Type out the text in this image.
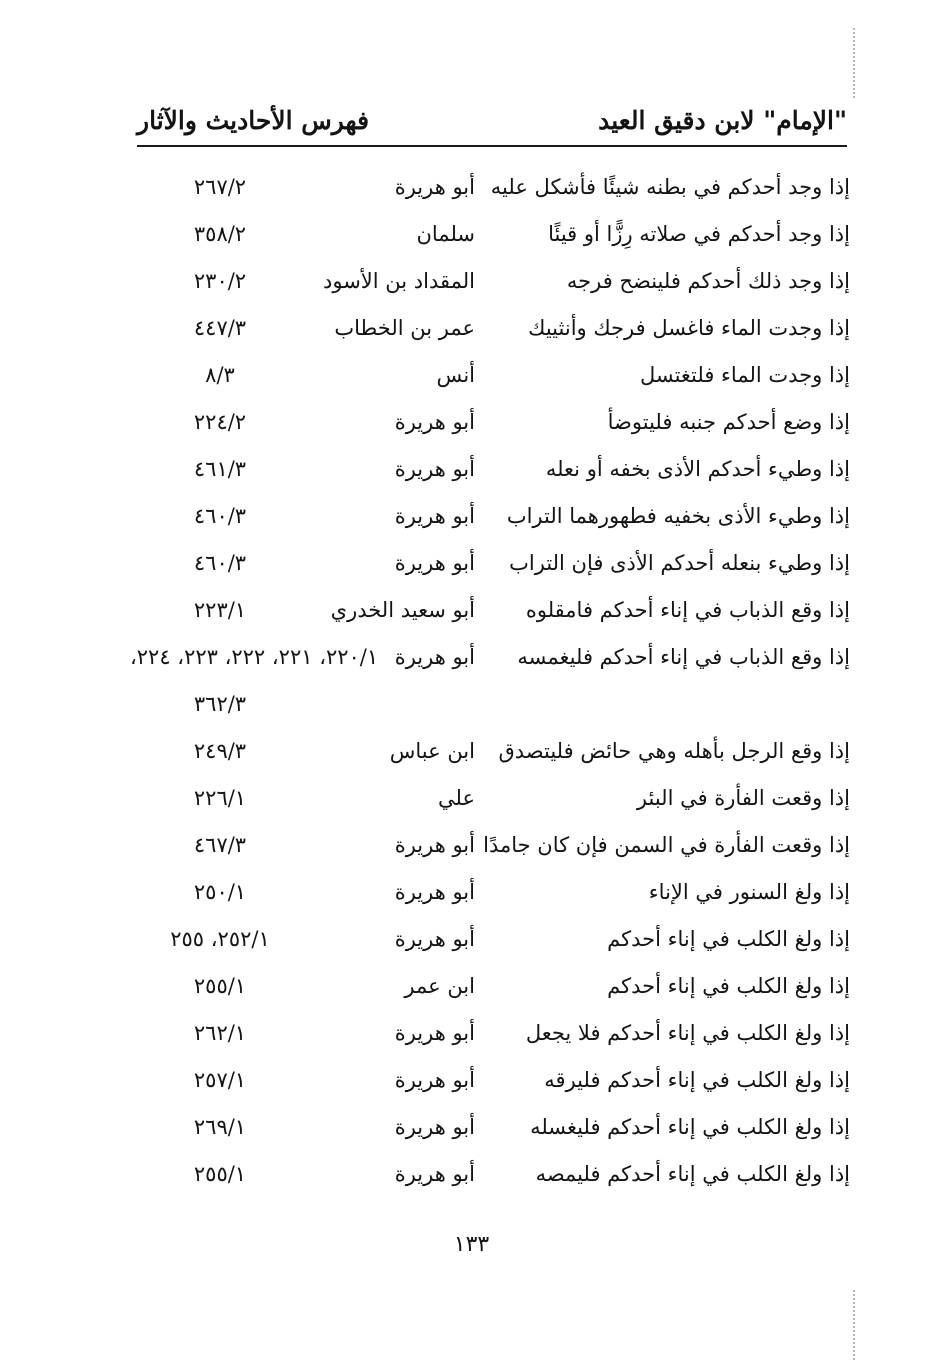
"الإمام" لابن دقيق العيد
فهرس الأحاديث والآثار
إذا وجد أحدكم في بطنه شيئًا فأشكل عليه
أبو هريرة
٢٦٧/٢
إذا وجد أحدكم في صلاته رِزًّا أو قيئًا
سلمان
٣٥٨/٢
إذا وجد ذلك أحدكم فلينضح فرجه
المقداد بن الأسود
٢٣٠/٢
إذا وجدت الماء فاغسل فرجك وأنثييك
عمر بن الخطاب
٤٤٧/٣
إذا وجدت الماء فلتغتسل
أنس
٨/٣
إذا وضع أحدكم جنبه فليتوضأ
أبو هريرة
٢٢٤/٢
إذا وطيء أحدكم الأذى بخفه أو نعله
أبو هريرة
٤٦١/٣
إذا وطيء الأذى بخفيه فطهورهما التراب
أبو هريرة
٤٦٠/٣
إذا وطيء بنعله أحدكم الأذى فإن التراب
أبو هريرة
٤٦٠/٣
إذا وقع الذباب في إناء أحدكم فامقلوه
أبو سعيد الخدري
٢٢٣/١
إذا وقع الذباب في إناء أحدكم فليغمسه
أبو هريرة
٢٢٠/١، ٢٢١، ٢٢٢، ٢٢٣، ٢٢٤،
٣٦٢/٣
إذا وقع الرجل بأهله وهي حائض فليتصدق
ابن عباس
٢٤٩/٣
إذا وقعت الفأرة في البئر
علي
٢٢٦/١
إذا وقعت الفأرة في السمن فإن كان جامدًا
أبو هريرة
٤٦٧/٣
إذا ولغ السنور في الإناء
أبو هريرة
٢٥٠/١
إذا ولغ الكلب في إناء أحدكم
أبو هريرة
٢٥٢/١، ٢٥٥
إذا ولغ الكلب في إناء أحدكم
ابن عمر
٢٥٥/١
إذا ولغ الكلب في إناء أحدكم فلا يجعل
أبو هريرة
٢٦٢/١
إذا ولغ الكلب في إناء أحدكم فليرقه
أبو هريرة
٢٥٧/١
إذا ولغ الكلب في إناء أحدكم فليغسله
أبو هريرة
٢٦٩/١
إذا ولغ الكلب في إناء أحدكم فليمصه
أبو هريرة
٢٥٥/١
١٣٣
